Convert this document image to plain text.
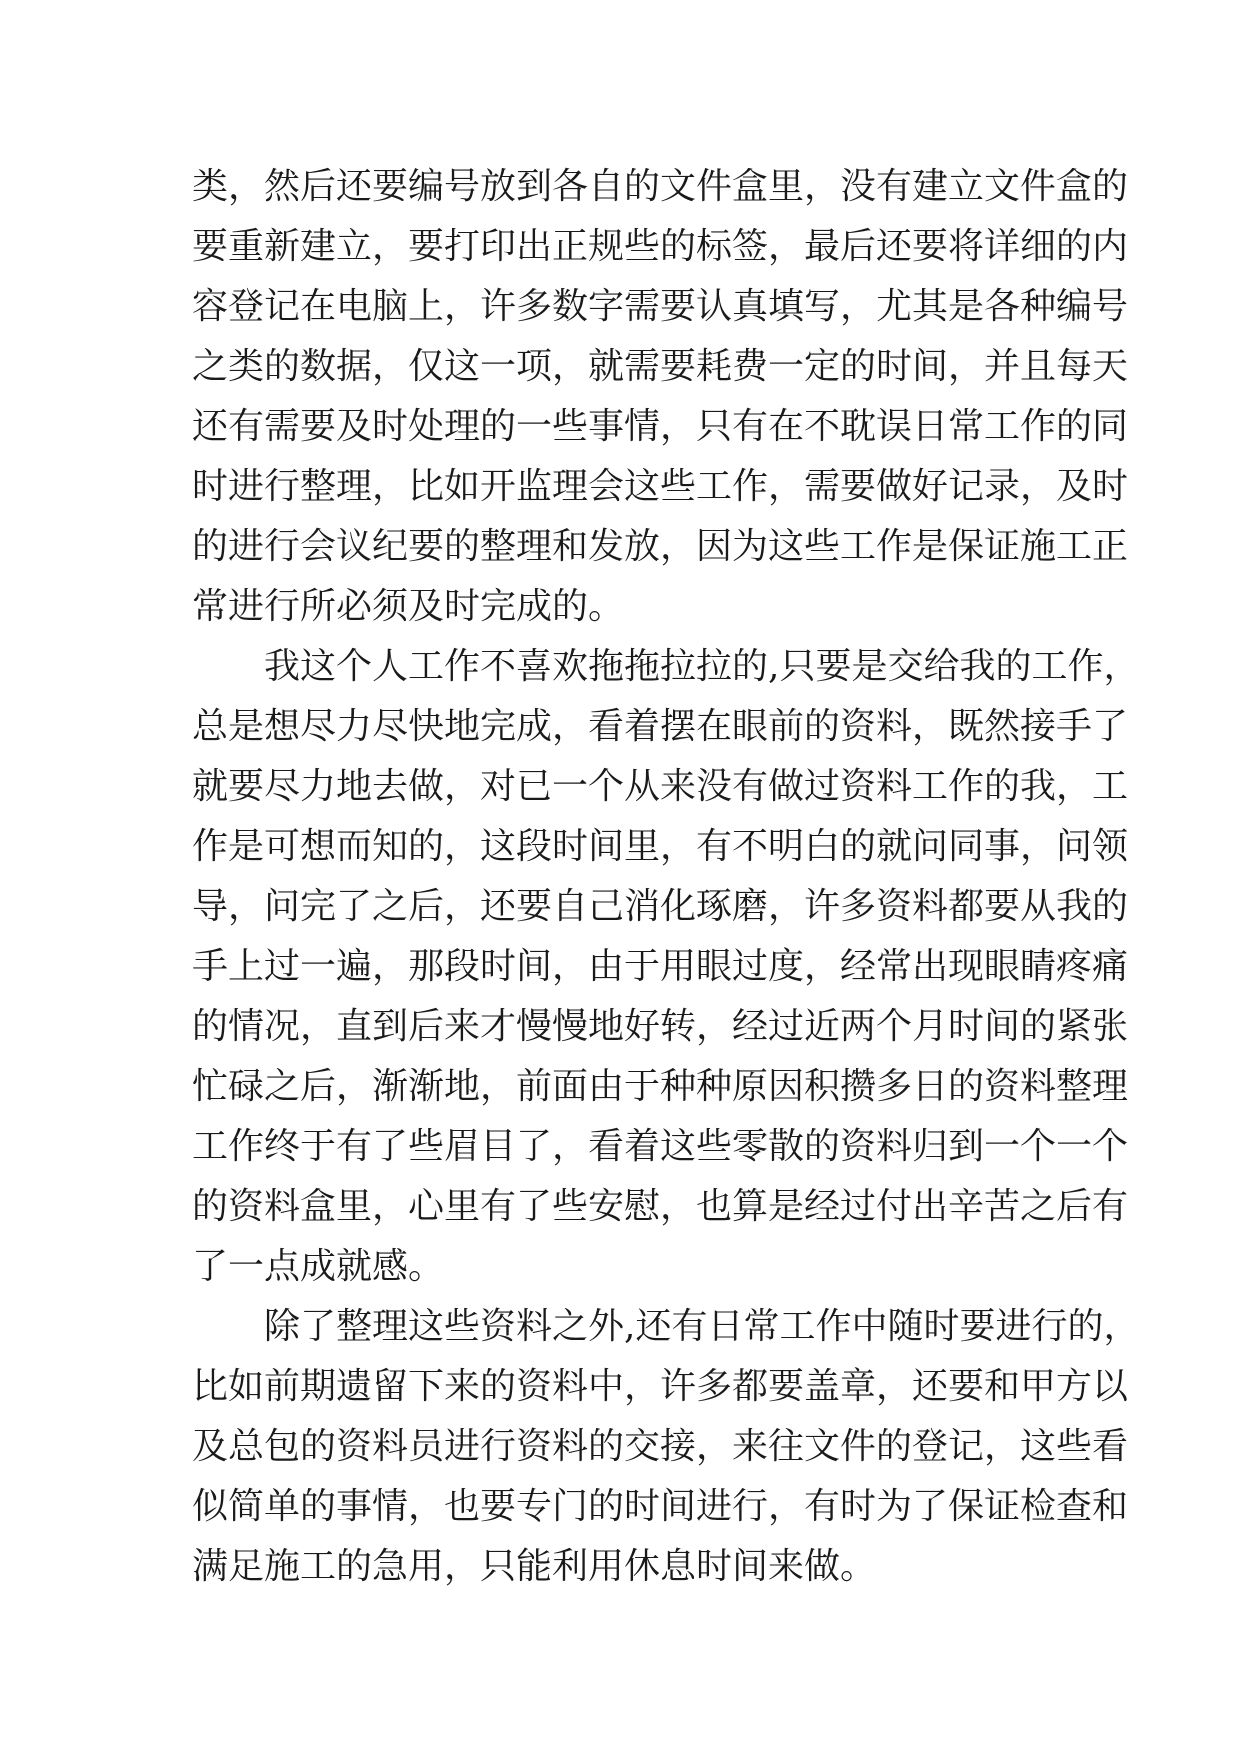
类，然后还要编号放到各自的文件盒里，没有建立文件盒的
要重新建立，要打印出正规些的标签，最后还要将详细的内
容登记在电脑上，许多数字需要认真填写，尤其是各种编号
之类的数据，仅这一项，就需要耗费一定的时间，并且每天
还有需要及时处理的一些事情，只有在不耽误日常工作的同
时进行整理，比如开监理会这些工作，需要做好记录，及时
的进行会议纪要的整理和发放，因为这些工作是保证施工正
常进行所必须及时完成的。
我这个人工作不喜欢拖拖拉拉的,只要是交给我的工作，
总是想尽力尽快地完成，看着摆在眼前的资料，既然接手了
就要尽力地去做，对已一个从来没有做过资料工作的我，工
作是可想而知的，这段时间里，有不明白的就问同事，问领
导，问完了之后，还要自己消化琢磨，许多资料都要从我的
手上过一遍，那段时间，由于用眼过度，经常出现眼睛疼痛
的情况，直到后来才慢慢地好转，经过近两个月时间的紧张
忙碌之后，渐渐地，前面由于种种原因积攒多日的资料整理
工作终于有了些眉目了，看着这些零散的资料归到一个一个
的资料盒里，心里有了些安慰，也算是经过付出辛苦之后有
了一点成就感。
除了整理这些资料之外,还有日常工作中随时要进行的，
比如前期遗留下来的资料中，许多都要盖章，还要和甲方以
及总包的资料员进行资料的交接，来往文件的登记，这些看
似简单的事情，也要专门的时间进行，有时为了保证检查和
满足施工的急用，只能利用休息时间来做。
